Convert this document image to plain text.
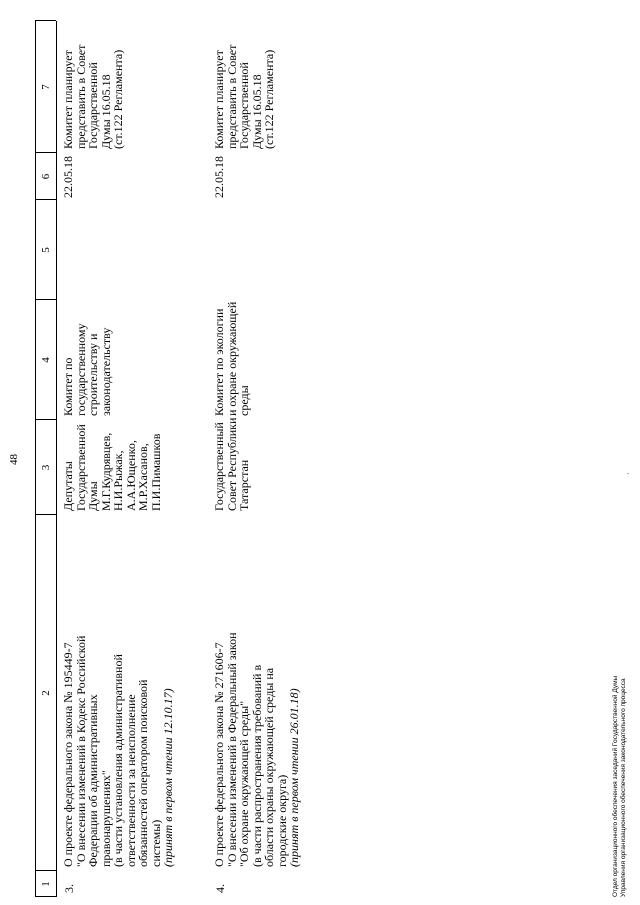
48
1
2
3
4
5
6
7
3.
О проекте федерального закона № 195449-7
"О внесении изменений в Кодекс Российской
Федерации об административных
правонарушениях"
(в части установления административной
ответственности за неисполнение
обязанностей оператором поисковой
системы)
(принят в первом чтении 12.10.17)
Депутаты
Государственной
Думы
М.Г.Кудрявцев,
Н.И.Рыжак,
А.А.Ющенко,
М.Р.Хасанов,
П.И.Пимашков
Комитет по
государственному
строительству и
законодательству
22.05.18
Комитет планирует
представить в Совет
Государственной
Думы 16.05.18
(ст.122 Регламента)
4.
О проекте федерального закона № 271606-7
"О внесении изменений в Федеральный закон
"Об охране окружающей среды"
(в части распространения требований в
области охраны окружающей среды на
городские округа)
(принят в первом чтении 26.01.18)
Государственный
Совет Республики
Татарстан
Комитет по экологии
и охране окружающей
среды
22.05.18
Комитет планирует
представить в Совет
Государственной
Думы 16.05.18
(ст.122 Регламента)
·
Отдел организационного обеспечения заседаний Государственной Думы Управления организационного обеспечения законодательного процесса
